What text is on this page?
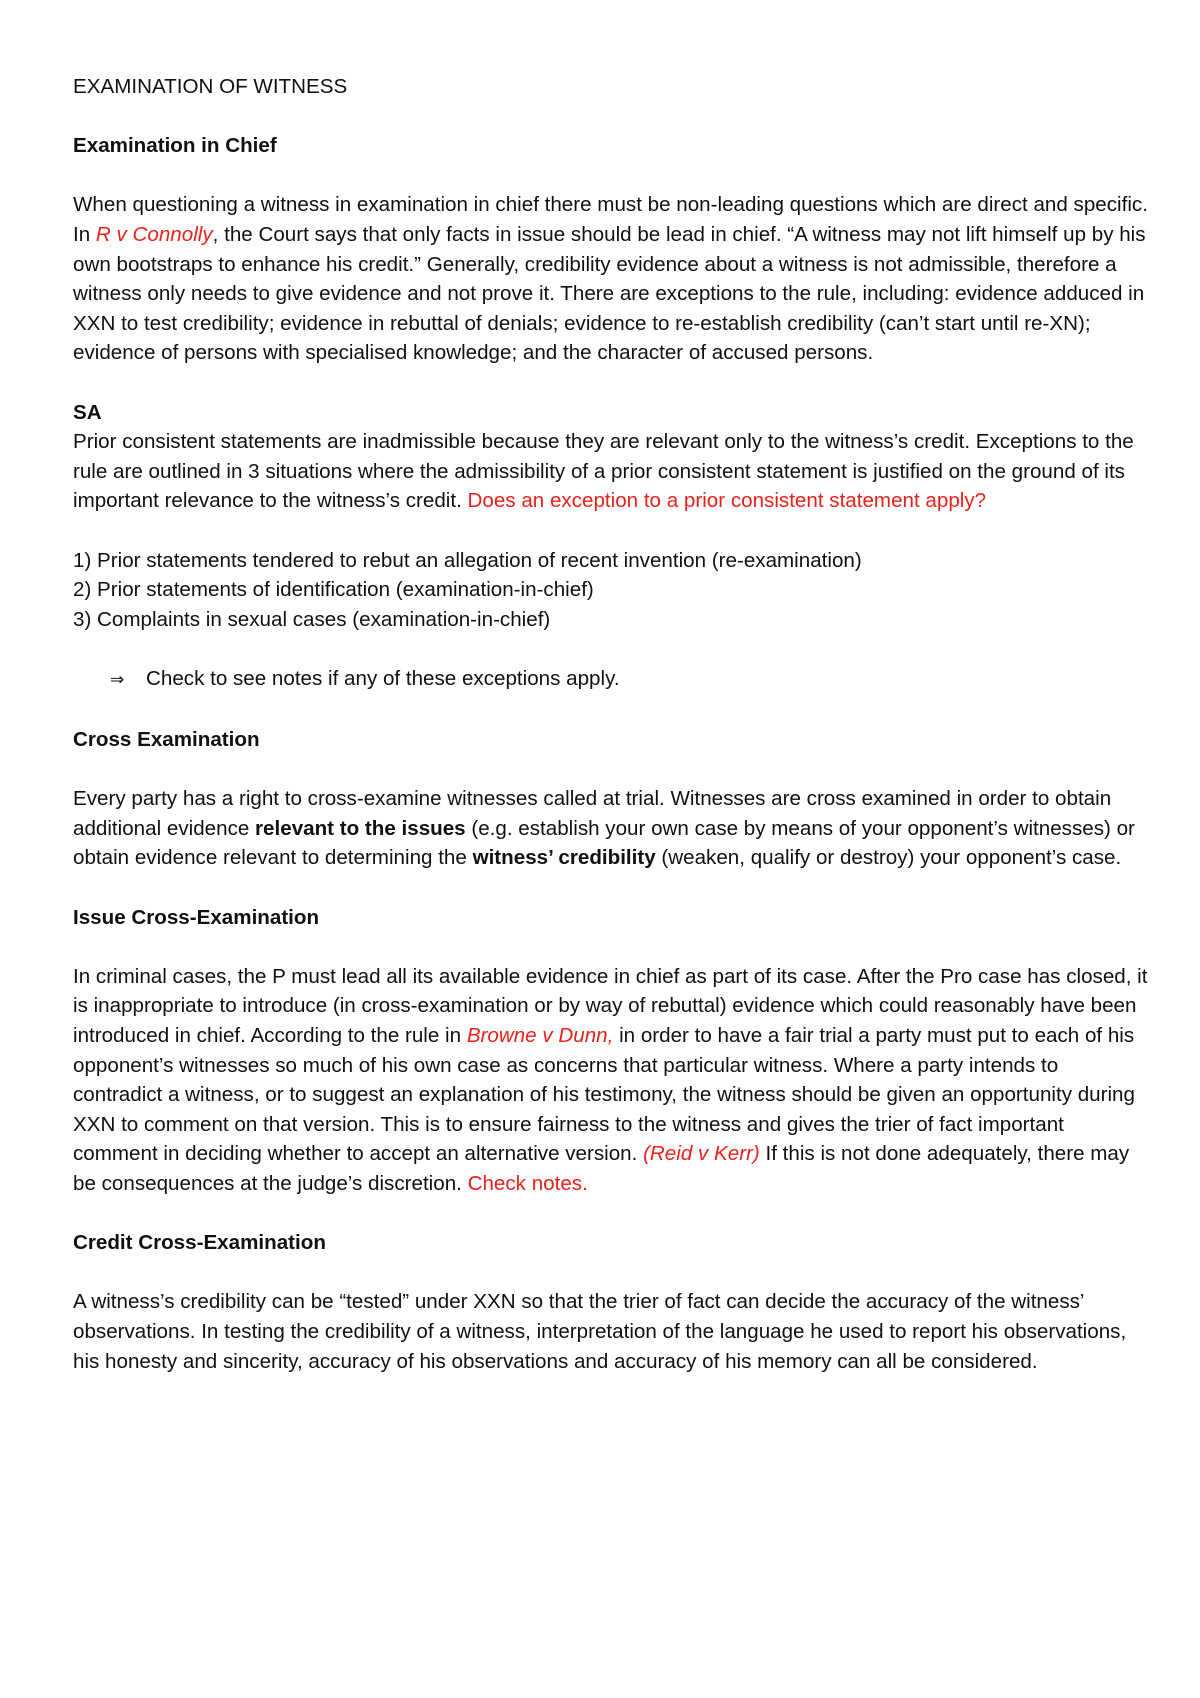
EXAMINATION OF WITNESS

Examination in Chief

When questioning a witness in examination in chief there must be non-leading questions which are direct and specific. In R v Connolly, the Court says that only facts in issue should be lead in chief. “A witness may not lift himself up by his own bootstraps to enhance his credit.” Generally, credibility evidence about a witness is not admissible, therefore a witness only needs to give evidence and not prove it. There are exceptions to the rule, including: evidence adduced in XXN to test credibility; evidence in rebuttal of denials; evidence to re-establish credibility (can’t start until re-XN); evidence of persons with specialised knowledge; and the character of accused persons.

SA

Prior consistent statements are inadmissible because they are relevant only to the witness’s credit. Exceptions to the rule are outlined in 3 situations where the admissibility of a prior consistent statement is justified on the ground of its important relevance to the witness’s credit. Does an exception to a prior consistent statement apply?

1) Prior statements tendered to rebut an allegation of recent invention (re-examination)

2) Prior statements of identification (examination-in-chief)

3) Complaints in sexual cases (examination-in-chief)

⇒ Check to see notes if any of these exceptions apply.

Cross Examination

Every party has a right to cross-examine witnesses called at trial. Witnesses are cross examined in order to obtain additional evidence relevant to the issues (e.g. establish your own case by means of your opponent’s witnesses) or obtain evidence relevant to determining the witness’ credibility (weaken, qualify or destroy) your opponent’s case.

Issue Cross-Examination

In criminal cases, the P must lead all its available evidence in chief as part of its case. After the Pro case has closed, it is inappropriate to introduce (in cross-examination or by way of rebuttal) evidence which could reasonably have been introduced in chief. According to the rule in Browne v Dunn, in order to have a fair trial a party must put to each of his opponent’s witnesses so much of his own case as concerns that particular witness. Where a party intends to contradict a witness, or to suggest an explanation of his testimony, the witness should be given an opportunity during XXN to comment on that version. This is to ensure fairness to the witness and gives the trier of fact important comment in deciding whether to accept an alternative version. (Reid v Kerr) If this is not done adequately, there may be consequences at the judge’s discretion. Check notes.

Credit Cross-Examination

A witness’s credibility can be “tested” under XXN so that the trier of fact can decide the accuracy of the witness’ observations. In testing the credibility of a witness, interpretation of the language he used to report his observations, his honesty and sincerity, accuracy of his observations and accuracy of his memory can all be considered.
